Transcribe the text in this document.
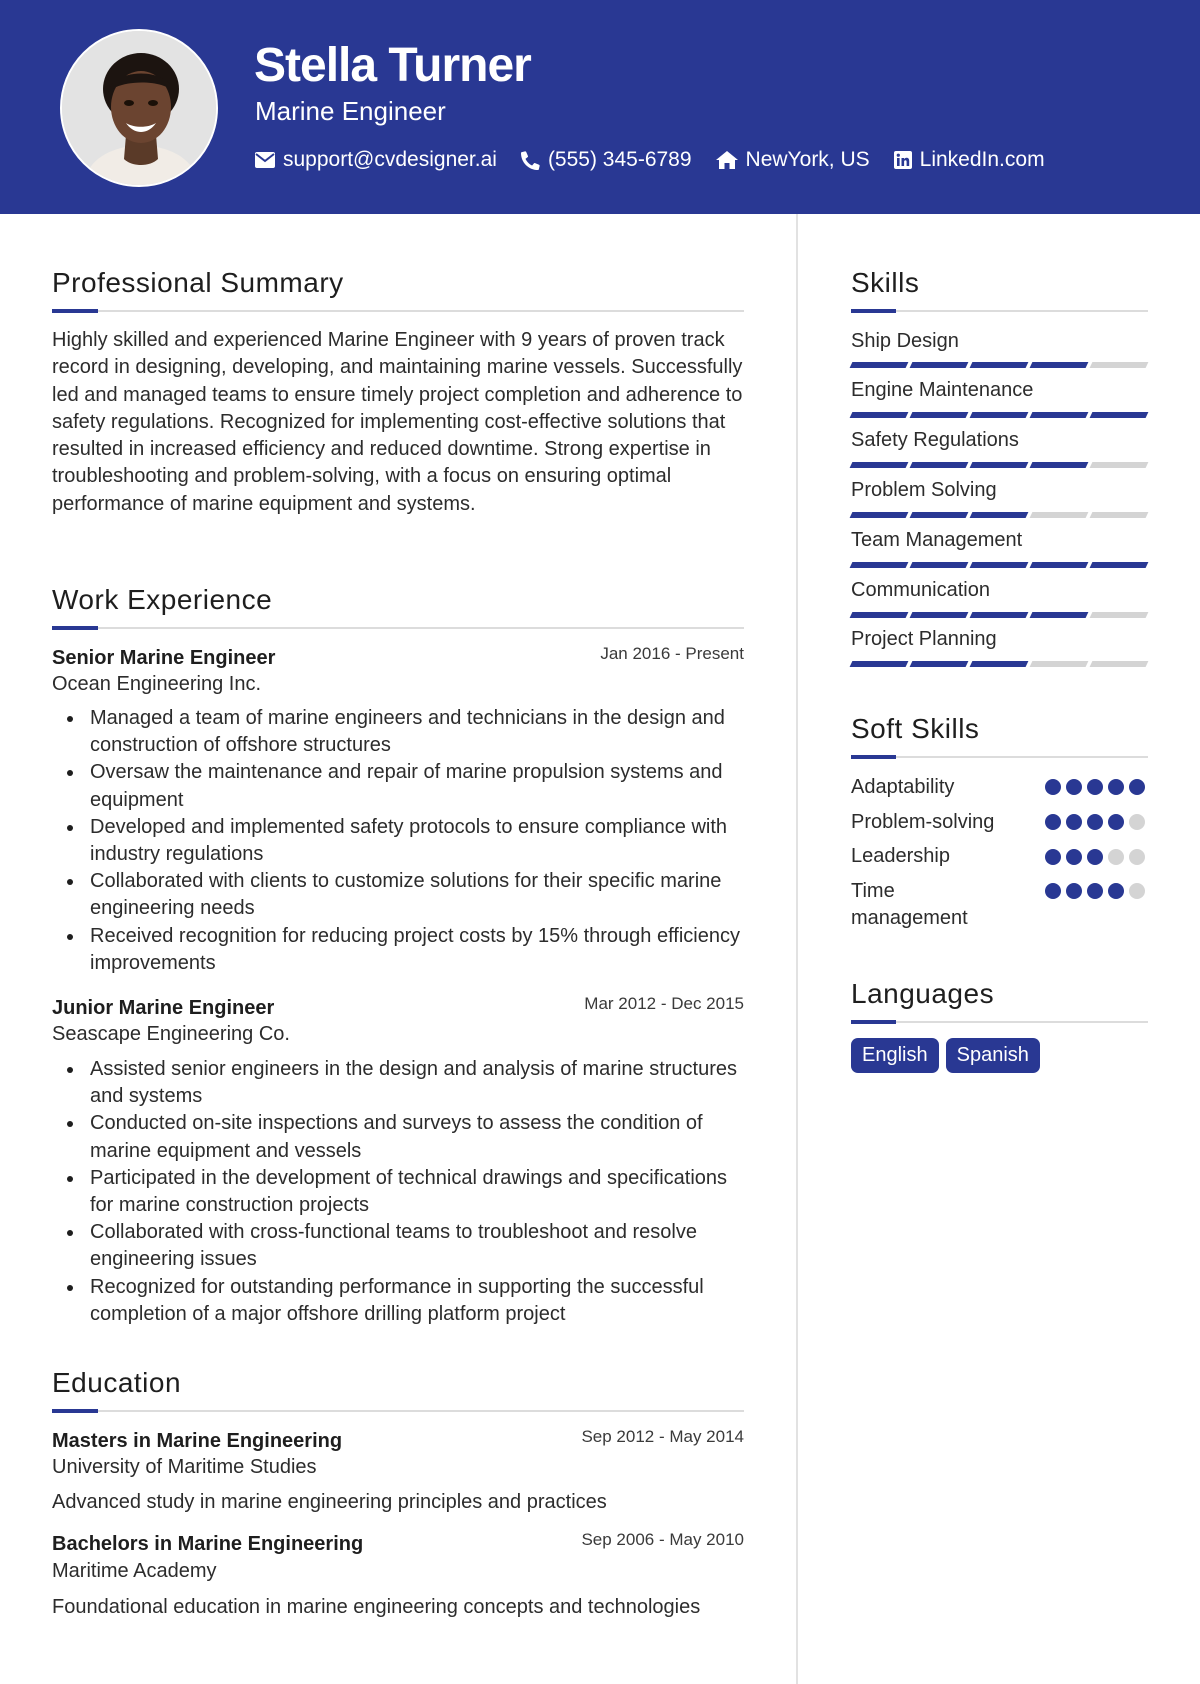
Stella Turner
Marine Engineer
support@cvdesigner.ai (555) 345-6789	NewYork, US LinkedIn.com
Professional Summary
Highly skilled and experienced Marine Engineer with 9 years of proven track record in designing, developing, and maintaining marine vessels. Successfully led and managed teams to ensure timely project completion and adherence to safety regulations. Recognized for implementing cost-effective solutions that resulted in increased efficiency and reduced downtime. Strong expertise in troubleshooting and problem-solving, with a focus on ensuring optimal performance of marine equipment and systems.
Work Experience
Senior Marine Engineer	Jan 2016 - Present
Ocean Engineering Inc.
Managed a team of marine engineers and technicians in the design and construction of offshore structures
Oversaw the maintenance and repair of marine propulsion systems and equipment
Developed and implemented safety protocols to ensure compliance with industry regulations
Collaborated with clients to customize solutions for their specific marine engineering needs
Received recognition for reducing project costs by 15% through efficiency improvements
Junior Marine Engineer	Mar 2012 - Dec 2015
Seascape Engineering Co.
Assisted senior engineers in the design and analysis of marine structures and systems
Conducted on-site inspections and surveys to assess the condition of marine equipment and vessels
Participated in the development of technical drawings and specifications for marine construction projects
Collaborated with cross-functional teams to troubleshoot and resolve engineering issues
Recognized for outstanding performance in supporting the successful completion of a major offshore drilling platform project
Education
Masters in Marine Engineering	Sep 2012 - May 2014
University of Maritime Studies
Advanced study in marine engineering principles and practices
Bachelors in Marine Engineering	Sep 2006 - May 2010
Maritime Academy
Foundational education in marine engineering concepts and technologies
Skills
Ship Design
Engine Maintenance
Safety Regulations
Problem Solving
Team Management
Communication
Project Planning
Soft Skills
Adaptability
Problem-solving
Leadership
Time management
Languages
English	Spanish
